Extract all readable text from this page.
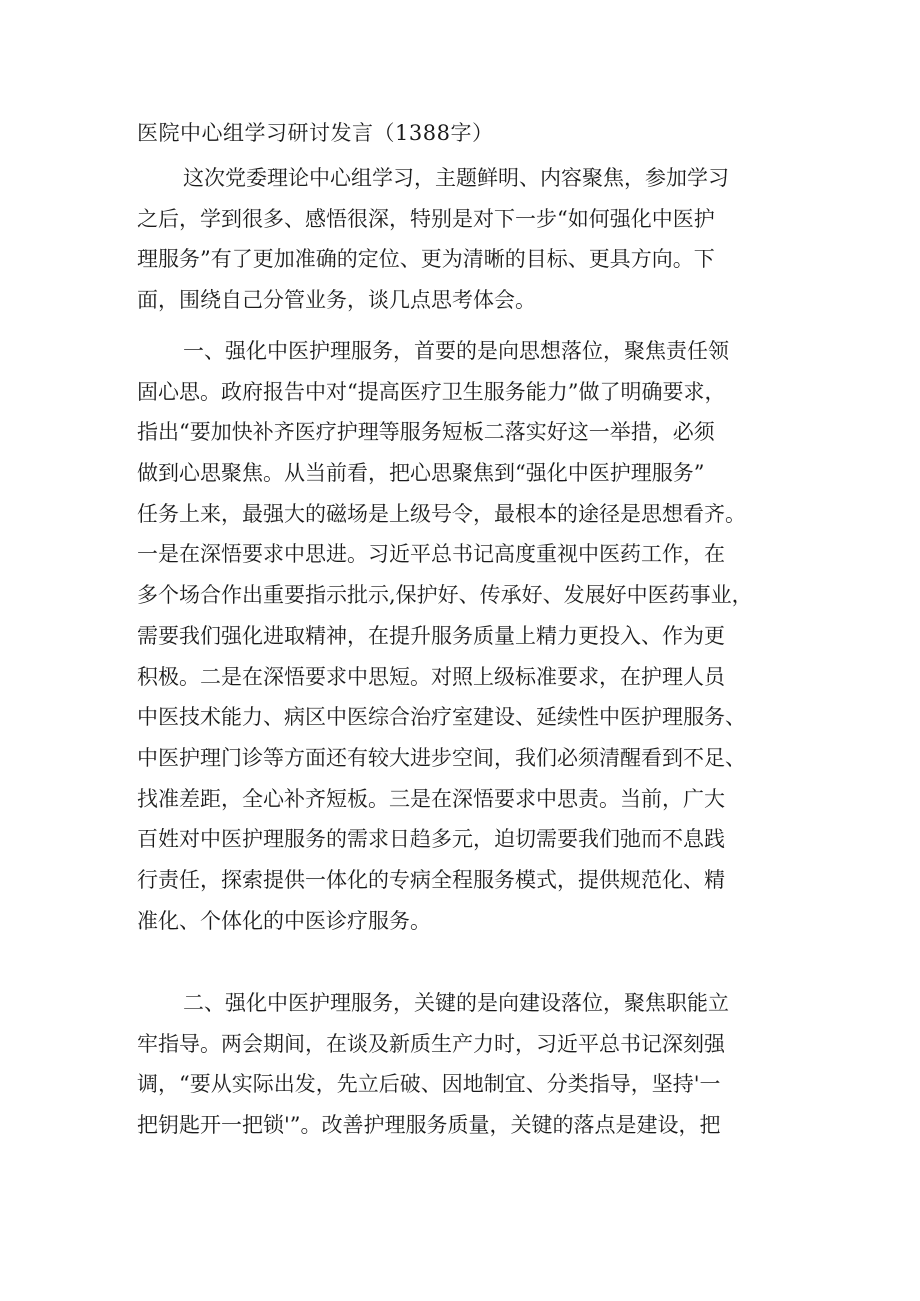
医院中心组学习研讨发言（1388字）
这次党委理论中心组学习，主题鲜明、内容聚焦，参加学习
之后，学到很多、感悟很深，特别是对下一步“如何强化中医护
理服务”有了更加准确的定位、更为清晰的目标、更具方向。下
面，围绕自己分管业务，谈几点思考体会。
一、强化中医护理服务，首要的是向思想落位，聚焦责任领
固心思。政府报告中对“提高医疗卫生服务能力”做了明确要求，
指出“要加快补齐医疗护理等服务短板二落实好这一举措，必须
做到心思聚焦。从当前看，把心思聚焦到“强化中医护理服务”
任务上来，最强大的磁场是上级号令，最根本的途径是思想看齐。
一是在深悟要求中思进。习近平总书记高度重视中医药工作，在
多个场合作出重要指示批示,保护好、传承好、发展好中医药事业，
需要我们强化进取精神，在提升服务质量上精力更投入、作为更
积极。二是在深悟要求中思短。对照上级标准要求，在护理人员
中医技术能力、病区中医综合治疗室建设、延续性中医护理服务、
中医护理门诊等方面还有较大进步空间，我们必须清醒看到不足、
找准差距，全心补齐短板。三是在深悟要求中思责。当前，广大
百姓对中医护理服务的需求日趋多元，迫切需要我们弛而不息践
行责任，探索提供一体化的专病全程服务模式，提供规范化、精
准化、个体化的中医诊疗服务。
二、强化中医护理服务，关键的是向建设落位，聚焦职能立
牢指导。两会期间，在谈及新质生产力时，习近平总书记深刻强
调，“要从实际出发，先立后破、因地制宜、分类指导，坚持'一
把钥匙开一把锁'”。改善护理服务质量，关键的落点是建设，把
